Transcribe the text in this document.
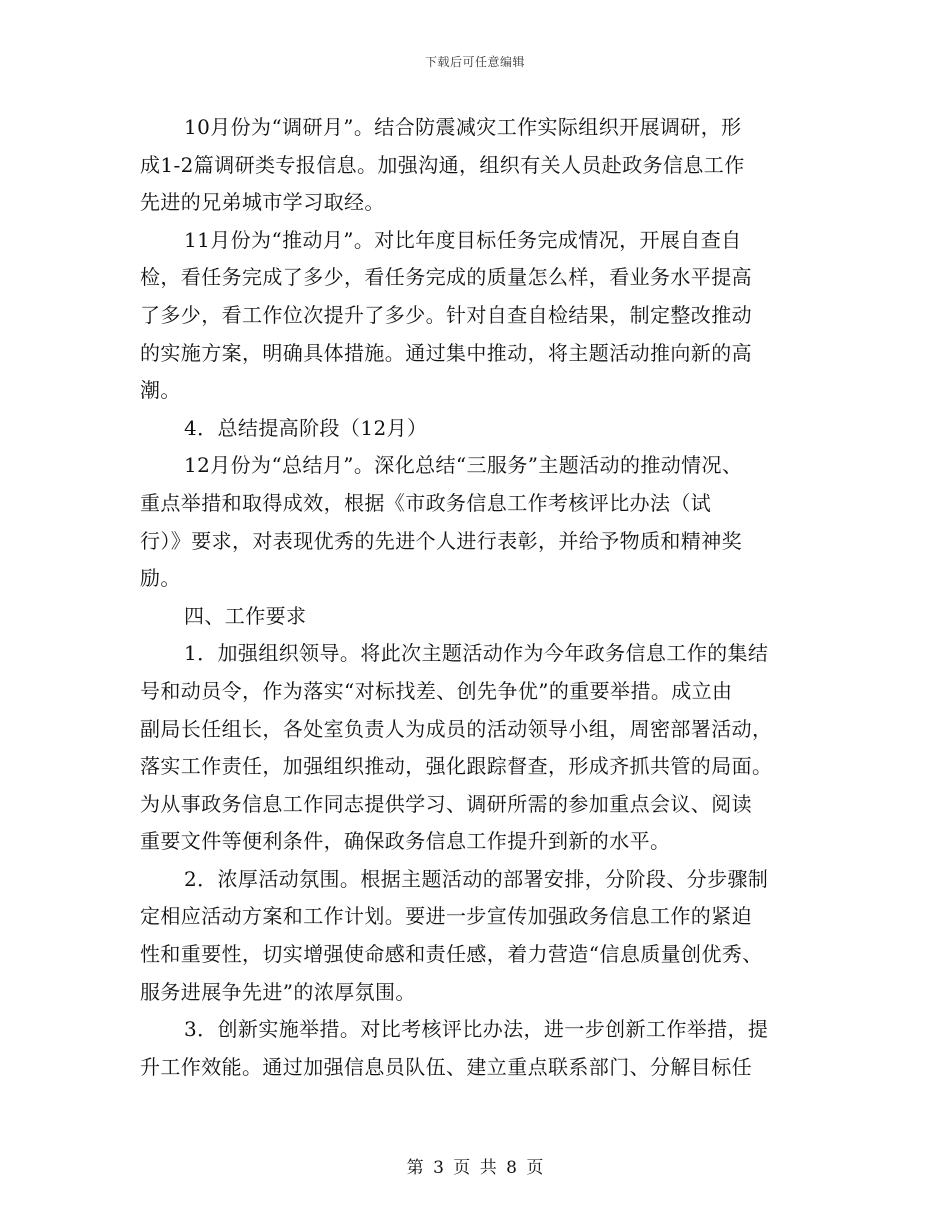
下载后可任意编辑
10月份为“调研月”。结合防震减灾工作实际组织开展调研，形
成1-2篇调研类专报信息。加强沟通，组织有关人员赴政务信息工作
先进的兄弟城市学习取经。
11月份为“推动月”。对比年度目标任务完成情况，开展自查自
检，看任务完成了多少，看任务完成的质量怎么样，看业务水平提高
了多少，看工作位次提升了多少。针对自查自检结果，制定整改推动
的实施方案，明确具体措施。通过集中推动，将主题活动推向新的高
潮。
4．总结提高阶段（12月）
12月份为“总结月”。深化总结“三服务”主题活动的推动情况、
重点举措和取得成效，根据《市政务信息工作考核评比办法（试
行）》要求，对表现优秀的先进个人进行表彰，并给予物质和精神奖
励。
四、工作要求
1．加强组织领导。将此次主题活动作为今年政务信息工作的集结
号和动员令，作为落实“对标找差、创先争优”的重要举措。成立由
副局长任组长，各处室负责人为成员的活动领导小组，周密部署活动，
落实工作责任，加强组织推动，强化跟踪督查，形成齐抓共管的局面。
为从事政务信息工作同志提供学习、调研所需的参加重点会议、阅读
重要文件等便利条件，确保政务信息工作提升到新的水平。
2．浓厚活动氛围。根据主题活动的部署安排，分阶段、分步骤制
定相应活动方案和工作计划。要进一步宣传加强政务信息工作的紧迫
性和重要性，切实增强使命感和责任感，着力营造“信息质量创优秀、
服务进展争先进”的浓厚氛围。
3．创新实施举措。对比考核评比办法，进一步创新工作举措，提
升工作效能。通过加强信息员队伍、建立重点联系部门、分解目标任
第 3 页 共 8 页
